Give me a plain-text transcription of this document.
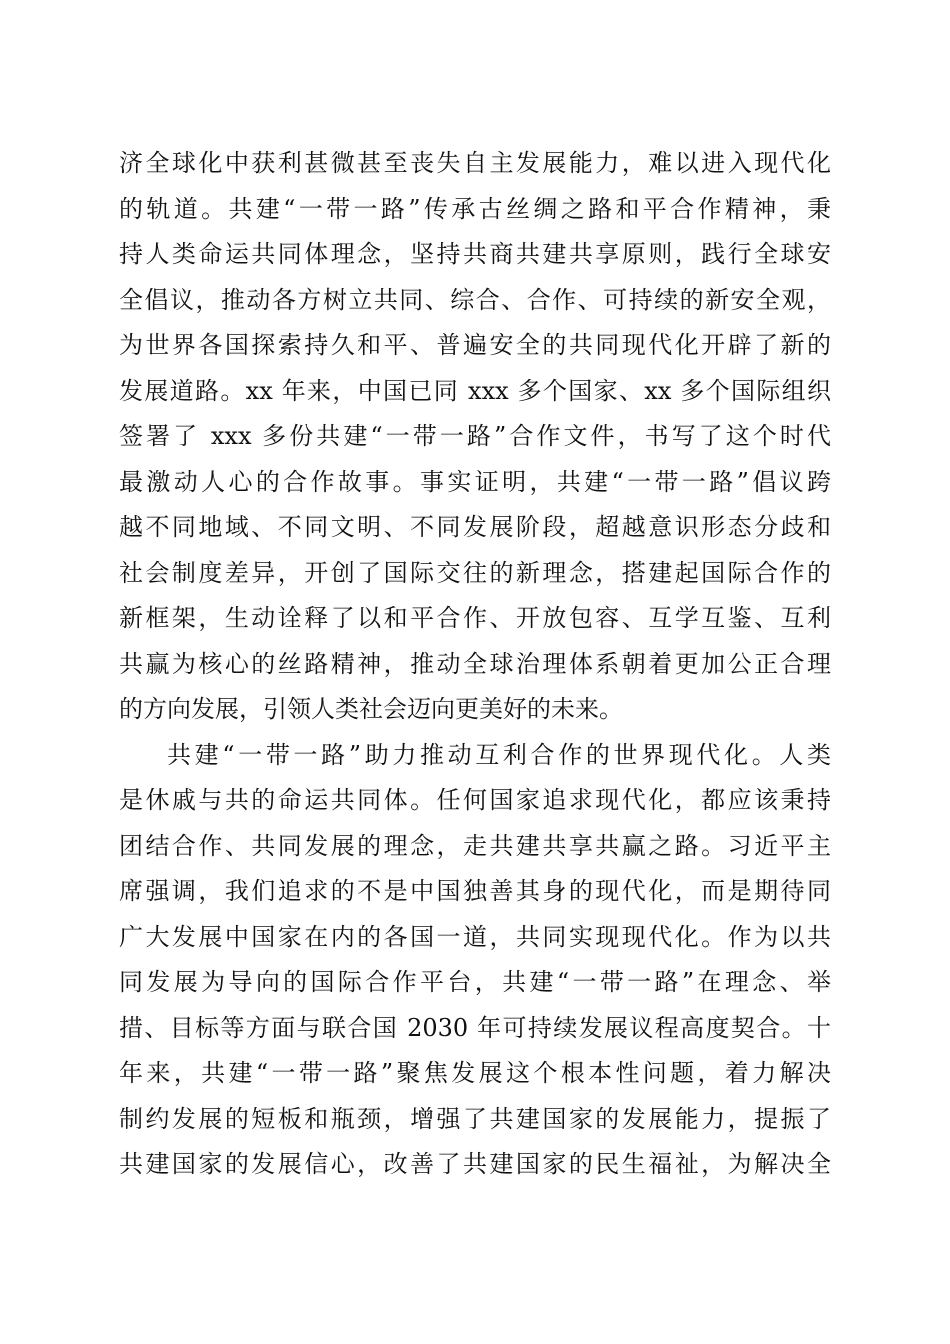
济全球化中获利甚微甚至丧失自主发展能力，难以进入现代化
的轨道。共建“一带一路”传承古丝绸之路和平合作精神，秉
持人类命运共同体理念，坚持共商共建共享原则，践行全球安
全倡议，推动各方树立共同、综合、合作、可持续的新安全观，
为世界各国探索持久和平、普遍安全的共同现代化开辟了新的
发展道路。xx 年来，中国已同 xxx 多个国家、xx 多个国际组织
签署了 xxx 多份共建“一带一路”合作文件，书写了这个时代
最激动人心的合作故事。事实证明，共建“一带一路”倡议跨
越不同地域、不同文明、不同发展阶段，超越意识形态分歧和
社会制度差异，开创了国际交往的新理念，搭建起国际合作的
新框架，生动诠释了以和平合作、开放包容、互学互鉴、互利
共赢为核心的丝路精神，推动全球治理体系朝着更加公正合理
的方向发展，引领人类社会迈向更美好的未来。
共建“一带一路”助力推动互利合作的世界现代化。人类
是休戚与共的命运共同体。任何国家追求现代化，都应该秉持
团结合作、共同发展的理念，走共建共享共赢之路。习近平主
席强调，我们追求的不是中国独善其身的现代化，而是期待同
广大发展中国家在内的各国一道，共同实现现代化。作为以共
同发展为导向的国际合作平台，共建“一带一路”在理念、举
措、目标等方面与联合国 2030 年可持续发展议程高度契合。十
年来，共建“一带一路”聚焦发展这个根本性问题，着力解决
制约发展的短板和瓶颈，增强了共建国家的发展能力，提振了
共建国家的发展信心，改善了共建国家的民生福祉，为解决全
